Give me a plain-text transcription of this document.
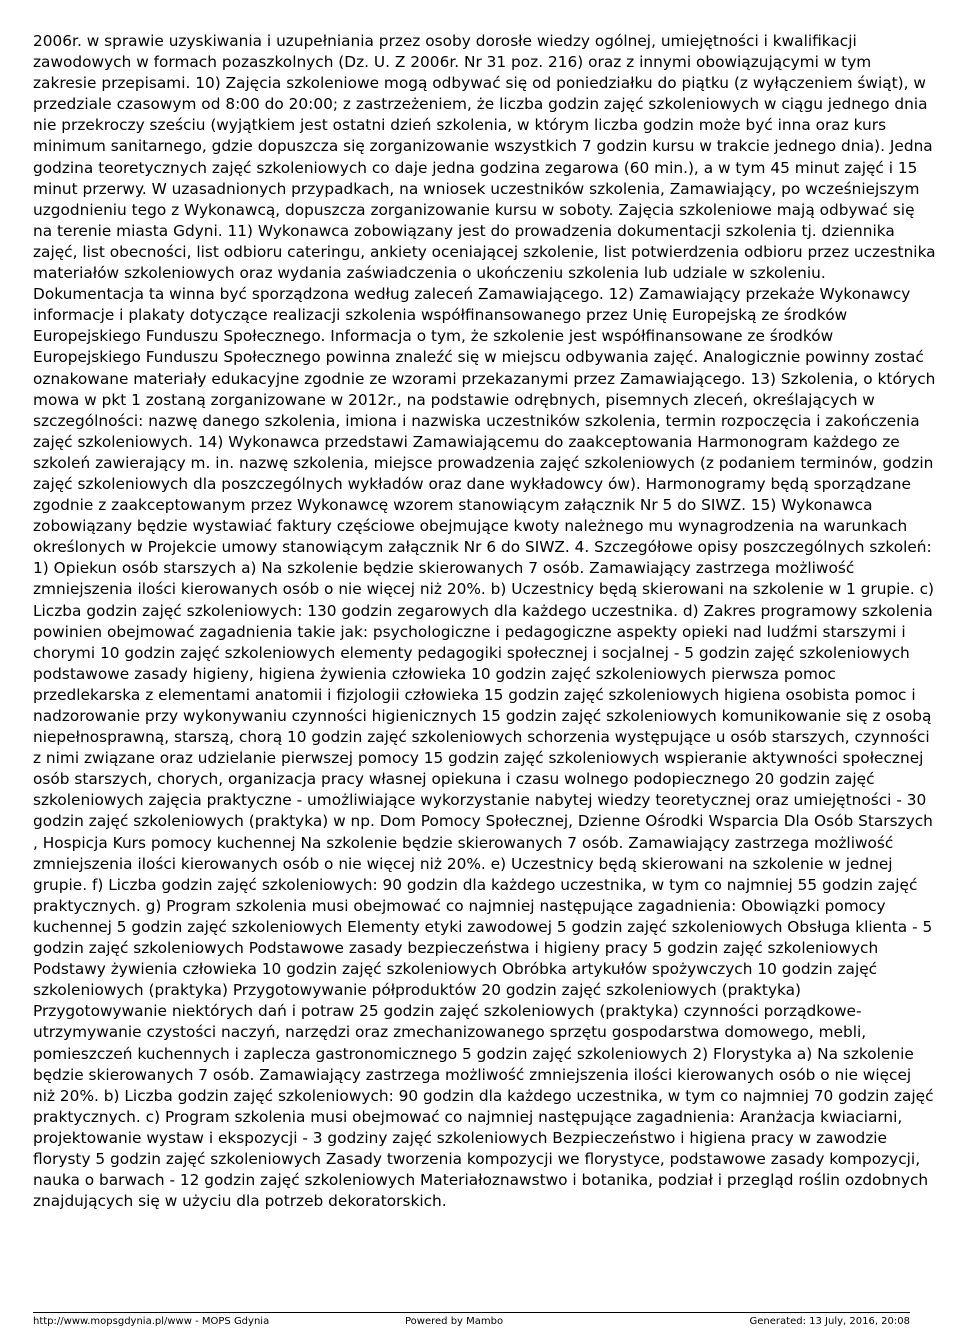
2006r. w sprawie uzyskiwania i uzupełniania przez osoby dorosłe wiedzy ogólnej, umiejętności i kwalifikacji zawodowych w formach pozaszkolnych (Dz. U. Z 2006r. Nr 31 poz. 216) oraz z innymi obowiązującymi w tym zakresie przepisami. 10) Zajęcia szkoleniowe mogą odbywać się od poniedziałku do piątku (z wyłączeniem świąt), w przedziale czasowym od 8:00 do 20:00; z zastrzeżeniem, że liczba godzin zajęć szkoleniowych w ciągu jednego dnia nie przekroczy sześciu (wyjątkiem jest ostatni dzień szkolenia, w którym liczba godzin może być inna oraz kurs minimum sanitarnego, gdzie dopuszcza się zorganizowanie wszystkich 7 godzin kursu w trakcie jednego dnia). Jedna godzina teoretycznych zajęć szkoleniowych co daje jedna godzina zegarowa (60 min.), a w tym 45 minut zajęć i 15 minut przerwy. W uzasadnionych przypadkach, na wniosek uczestników szkolenia, Zamawiający, po wcześniejszym uzgodnieniu tego z Wykonawcą, dopuszcza zorganizowanie kursu w soboty. Zajęcia szkoleniowe mają odbywać się na terenie miasta Gdyni. 11) Wykonawca zobowiązany jest do prowadzenia dokumentacji szkolenia tj. dziennika zajęć, list obecności, list odbioru cateringu, ankiety oceniającej szkolenie, list potwierdzenia odbioru przez uczestnika materiałów szkoleniowych oraz wydania zaświadczenia o ukończeniu szkolenia lub udziale w szkoleniu. Dokumentacja ta winna być sporządzona według zaleceń Zamawiającego. 12) Zamawiający przekaże Wykonawcy informacje i plakaty dotyczące realizacji szkolenia współfinansowanego przez Unię Europejską ze środków Europejskiego Funduszu Społecznego. Informacja o tym, że szkolenie jest współfinansowane ze środków Europejskiego Funduszu Społecznego powinna znaleźć się w miejscu odbywania zajęć. Analogicznie powinny zostać oznakowane materiały edukacyjne zgodnie ze wzorami przekazanymi przez Zamawiającego. 13) Szkolenia, o których mowa w pkt 1 zostaną zorganizowane w 2012r., na podstawie odrębnych, pisemnych zleceń, określających w szczególności: nazwę danego szkolenia, imiona i nazwiska uczestników szkolenia, termin rozpoczęcia i zakończenia zajęć szkoleniowych. 14) Wykonawca przedstawi Zamawiającemu do zaakceptowania Harmonogram każdego ze szkoleń zawierający m. in. nazwę szkolenia, miejsce prowadzenia zajęć szkoleniowych (z podaniem terminów, godzin zajęć szkoleniowych dla poszczególnych wykładów oraz dane wykładowcy ów). Harmonogramy będą sporządzane zgodnie z zaakceptowanym przez Wykonawcę wzorem stanowiącym załącznik Nr 5 do SIWZ. 15) Wykonawca zobowiązany będzie wystawiać faktury częściowe obejmujące kwoty należnego mu wynagrodzenia na warunkach określonych w Projekcie umowy stanowiącym załącznik Nr 6 do SIWZ. 4. Szczegółowe opisy poszczególnych szkoleń: 1) Opiekun osób starszych a) Na szkolenie będzie skierowanych 7 osób. Zamawiający zastrzega możliwość zmniejszenia ilości kierowanych osób o nie więcej niż 20%. b) Uczestnicy będą skierowani na szkolenie w 1 grupie. c) Liczba godzin zajęć szkoleniowych: 130 godzin zegarowych dla każdego uczestnika. d) Zakres programowy szkolenia powinien obejmować zagadnienia takie jak: psychologiczne i pedagogiczne aspekty opieki nad ludźmi starszymi i chorymi 10 godzin zajęć szkoleniowych elementy pedagogiki społecznej i socjalnej - 5 godzin zajęć szkoleniowych podstawowe zasady higieny, higiena żywienia człowieka 10 godzin zajęć szkoleniowych pierwsza pomoc przedlekarska z elementami anatomii i fizjologii człowieka 15 godzin zajęć szkoleniowych higiena osobista pomoc i nadzorowanie przy wykonywaniu czynności higienicznych 15 godzin zajęć szkoleniowych komunikowanie się z osobą niepełnosprawną, starszą, chorą 10 godzin zajęć szkoleniowych schorzenia występujące u osób starszych, czynności z nimi związane oraz udzielanie pierwszej pomocy 15 godzin zajęć szkoleniowych wspieranie aktywności społecznej osób starszych, chorych, organizacja pracy własnej opiekuna i czasu wolnego podopiecznego 20 godzin zajęć szkoleniowych zajęcia praktyczne - umożliwiające wykorzystanie nabytej wiedzy teoretycznej oraz umiejętności - 30 godzin zajęć szkoleniowych (praktyka) w np. Dom Pomocy Społecznej, Dzienne Ośrodki Wsparcia Dla Osób Starszych , Hospicja Kurs pomocy kuchennej Na szkolenie będzie skierowanych 7 osób. Zamawiający zastrzega możliwość zmniejszenia ilości kierowanych osób o nie więcej niż 20%. e) Uczestnicy będą skierowani na szkolenie w jednej grupie. f) Liczba godzin zajęć szkoleniowych: 90 godzin dla każdego uczestnika, w tym co najmniej 55 godzin zajęć praktycznych. g) Program szkolenia musi obejmować co najmniej następujące zagadnienia: Obowiązki pomocy kuchennej 5 godzin zajęć szkoleniowych Elementy etyki zawodowej 5 godzin zajęć szkoleniowych Obsługa klienta - 5 godzin zajęć szkoleniowych Podstawowe zasady bezpieczeństwa i higieny pracy 5 godzin zajęć szkoleniowych Podstawy żywienia człowieka 10 godzin zajęć szkoleniowych Obróbka artykułów spożywczych 10 godzin zajęć szkoleniowych (praktyka) Przygotowywanie półproduktów 20 godzin zajęć szkoleniowych (praktyka) Przygotowywanie niektórych dań i potraw 25 godzin zajęć szkoleniowych (praktyka) czynności porządkowe- utrzymywanie czystości naczyń, narzędzi oraz zmechanizowanego sprzętu gospodarstwa domowego, mebli, pomieszczeń kuchennych i zaplecza gastronomicznego 5 godzin zajęć szkoleniowych 2) Florystyka a) Na szkolenie będzie skierowanych 7 osób. Zamawiający zastrzega możliwość zmniejszenia ilości kierowanych osób o nie więcej niż 20%. b) Liczba godzin zajęć szkoleniowych: 90 godzin dla każdego uczestnika, w tym co najmniej 70 godzin zajęć praktycznych. c) Program szkolenia musi obejmować co najmniej następujące zagadnienia: Aranżacja kwiaciarni, projektowanie wystaw i ekspozycji - 3 godziny zajęć szkoleniowych Bezpieczeństwo i higiena pracy w zawodzie florysty 5 godzin zajęć szkoleniowych Zasady tworzenia kompozycji we florystyce, podstawowe zasady kompozycji, nauka o barwach - 12 godzin zajęć szkoleniowych Materiałoznawstwo i botanika, podział i przegląd roślin ozdobnych znajdujących się w użyciu dla potrzeb dekoratorskich.

http://www.mopsgdynia.pl/www - MOPS Gdynia	Powered by Mambo	Generated: 13 July, 2016, 20:08
